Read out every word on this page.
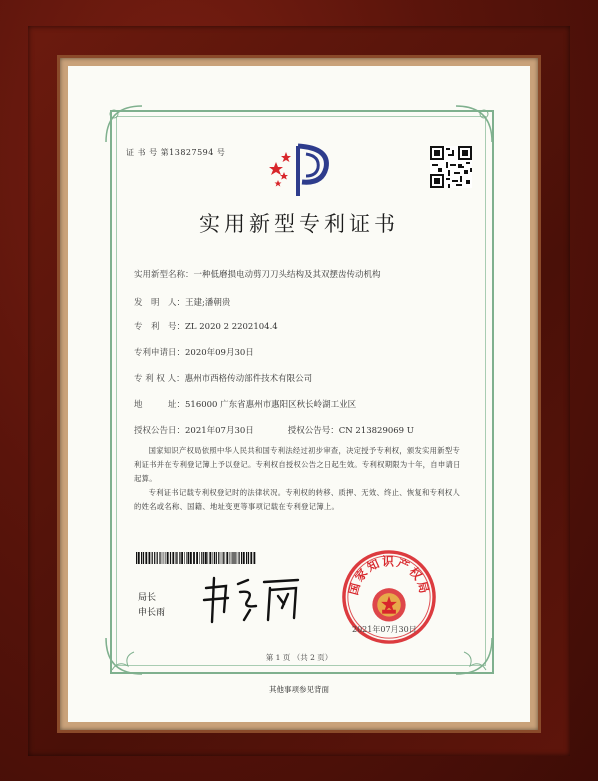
证 书 号 第13827594 号
实用新型专利证书
实用新型名称：一种低磨损电动剪刀刀头结构及其双摆齿传动机构
发　明　人：王建;潘朝贵
专　利　号：ZL 2020 2 2202104.4
专利申请日：2020年09月30日
专 利 权 人：惠州市西格传动部件技术有限公司
地　　　址：516000 广东省惠州市惠阳区秋长岭湖工业区
授权公告日：2021年07月30日　　　　授权公告号：CN 213829069 U
国家知识产权局依照中华人民共和国专利法经过初步审查，决定授予专利权，颁发实用新型专利证书并在专利登记簿上予以登记。专利权自授权公告之日起生效。专利权期限为十年，自申请日起算。
专利证书记载专利权登记时的法律状况。专利权的转移、质押、无效、终止、恢复和专利权人的姓名或名称、国籍、地址变更等事项记载在专利登记簿上。
局长
申长雨
国家知识产权局
2021年07月30日
第 1 页 （共 2 页）
其他事项参见背面
